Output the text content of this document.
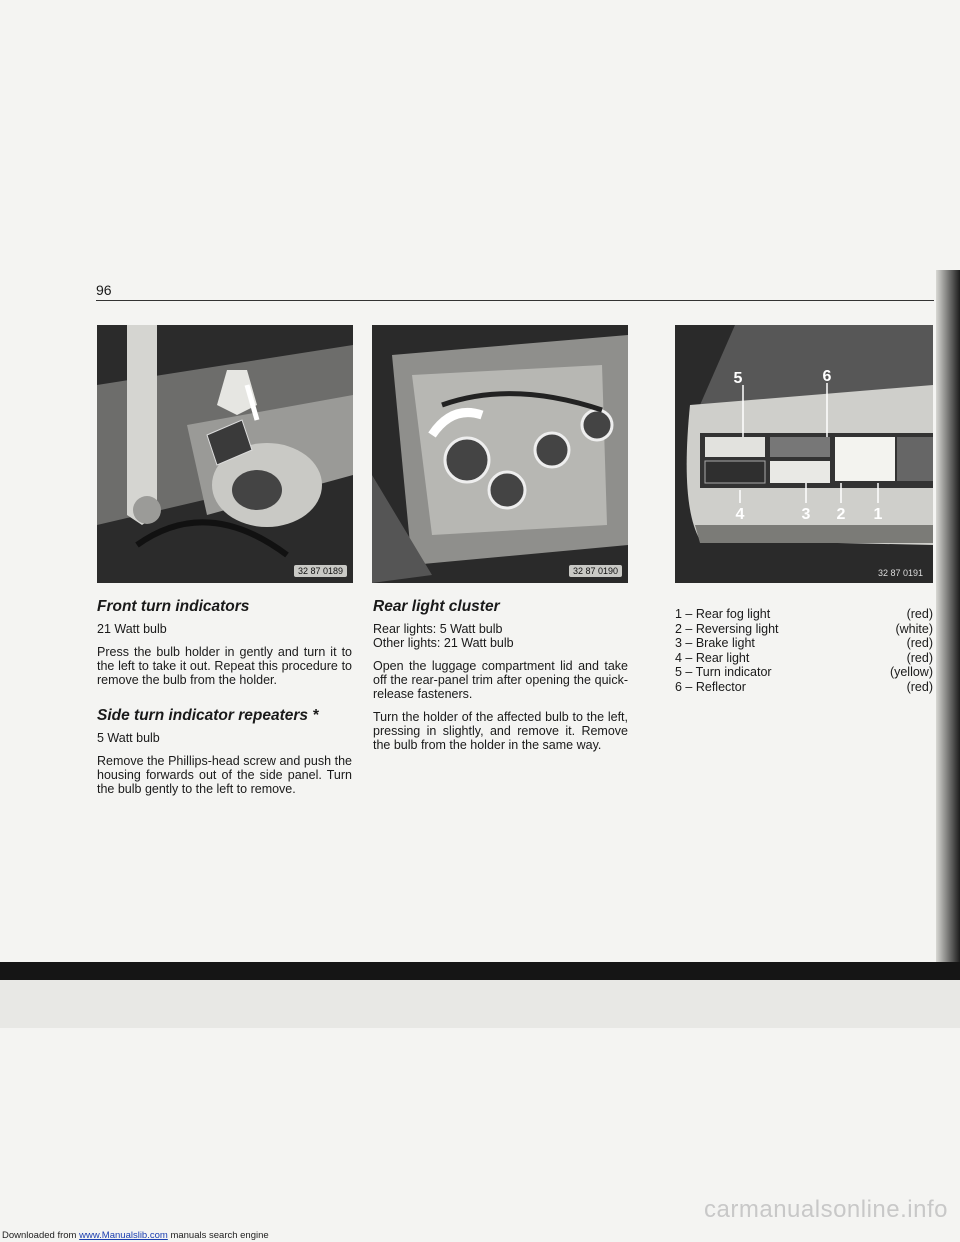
96
32 87 0189	32 87 0190
5	6
4	3 2 1
32 87 0191
Front turn indicators

21 Watt bulb

Press the bulb holder in gently and turn it to the left to take it out. Repeat this procedure to remove the bulb from the holder.

Side turn indicator repeaters *

5 Watt bulb

Remove the Phillips-head screw and push the housing forwards out of the side panel. Turn the bulb gently to the left to remove.

Rear light cluster

Rear lights: 5 Watt bulb
Other lights: 21 Watt bulb

Open the luggage compartment lid and take off the rear-panel trim after opening the quick-release fasteners.

Turn the holder of the affected bulb to the left, pressing in slightly, and remove it. Remove the bulb from the holder in the same way.

1 – Rear fog light	(red)
2 – Reversing light	(white)
3 – Brake light	(red)
4 – Rear light	(red)
5 – Turn indicator	(yellow)
6 – Reflector	(red)
carmanualsonline.info
Downloaded from www.Manualslib.com manuals search engine
